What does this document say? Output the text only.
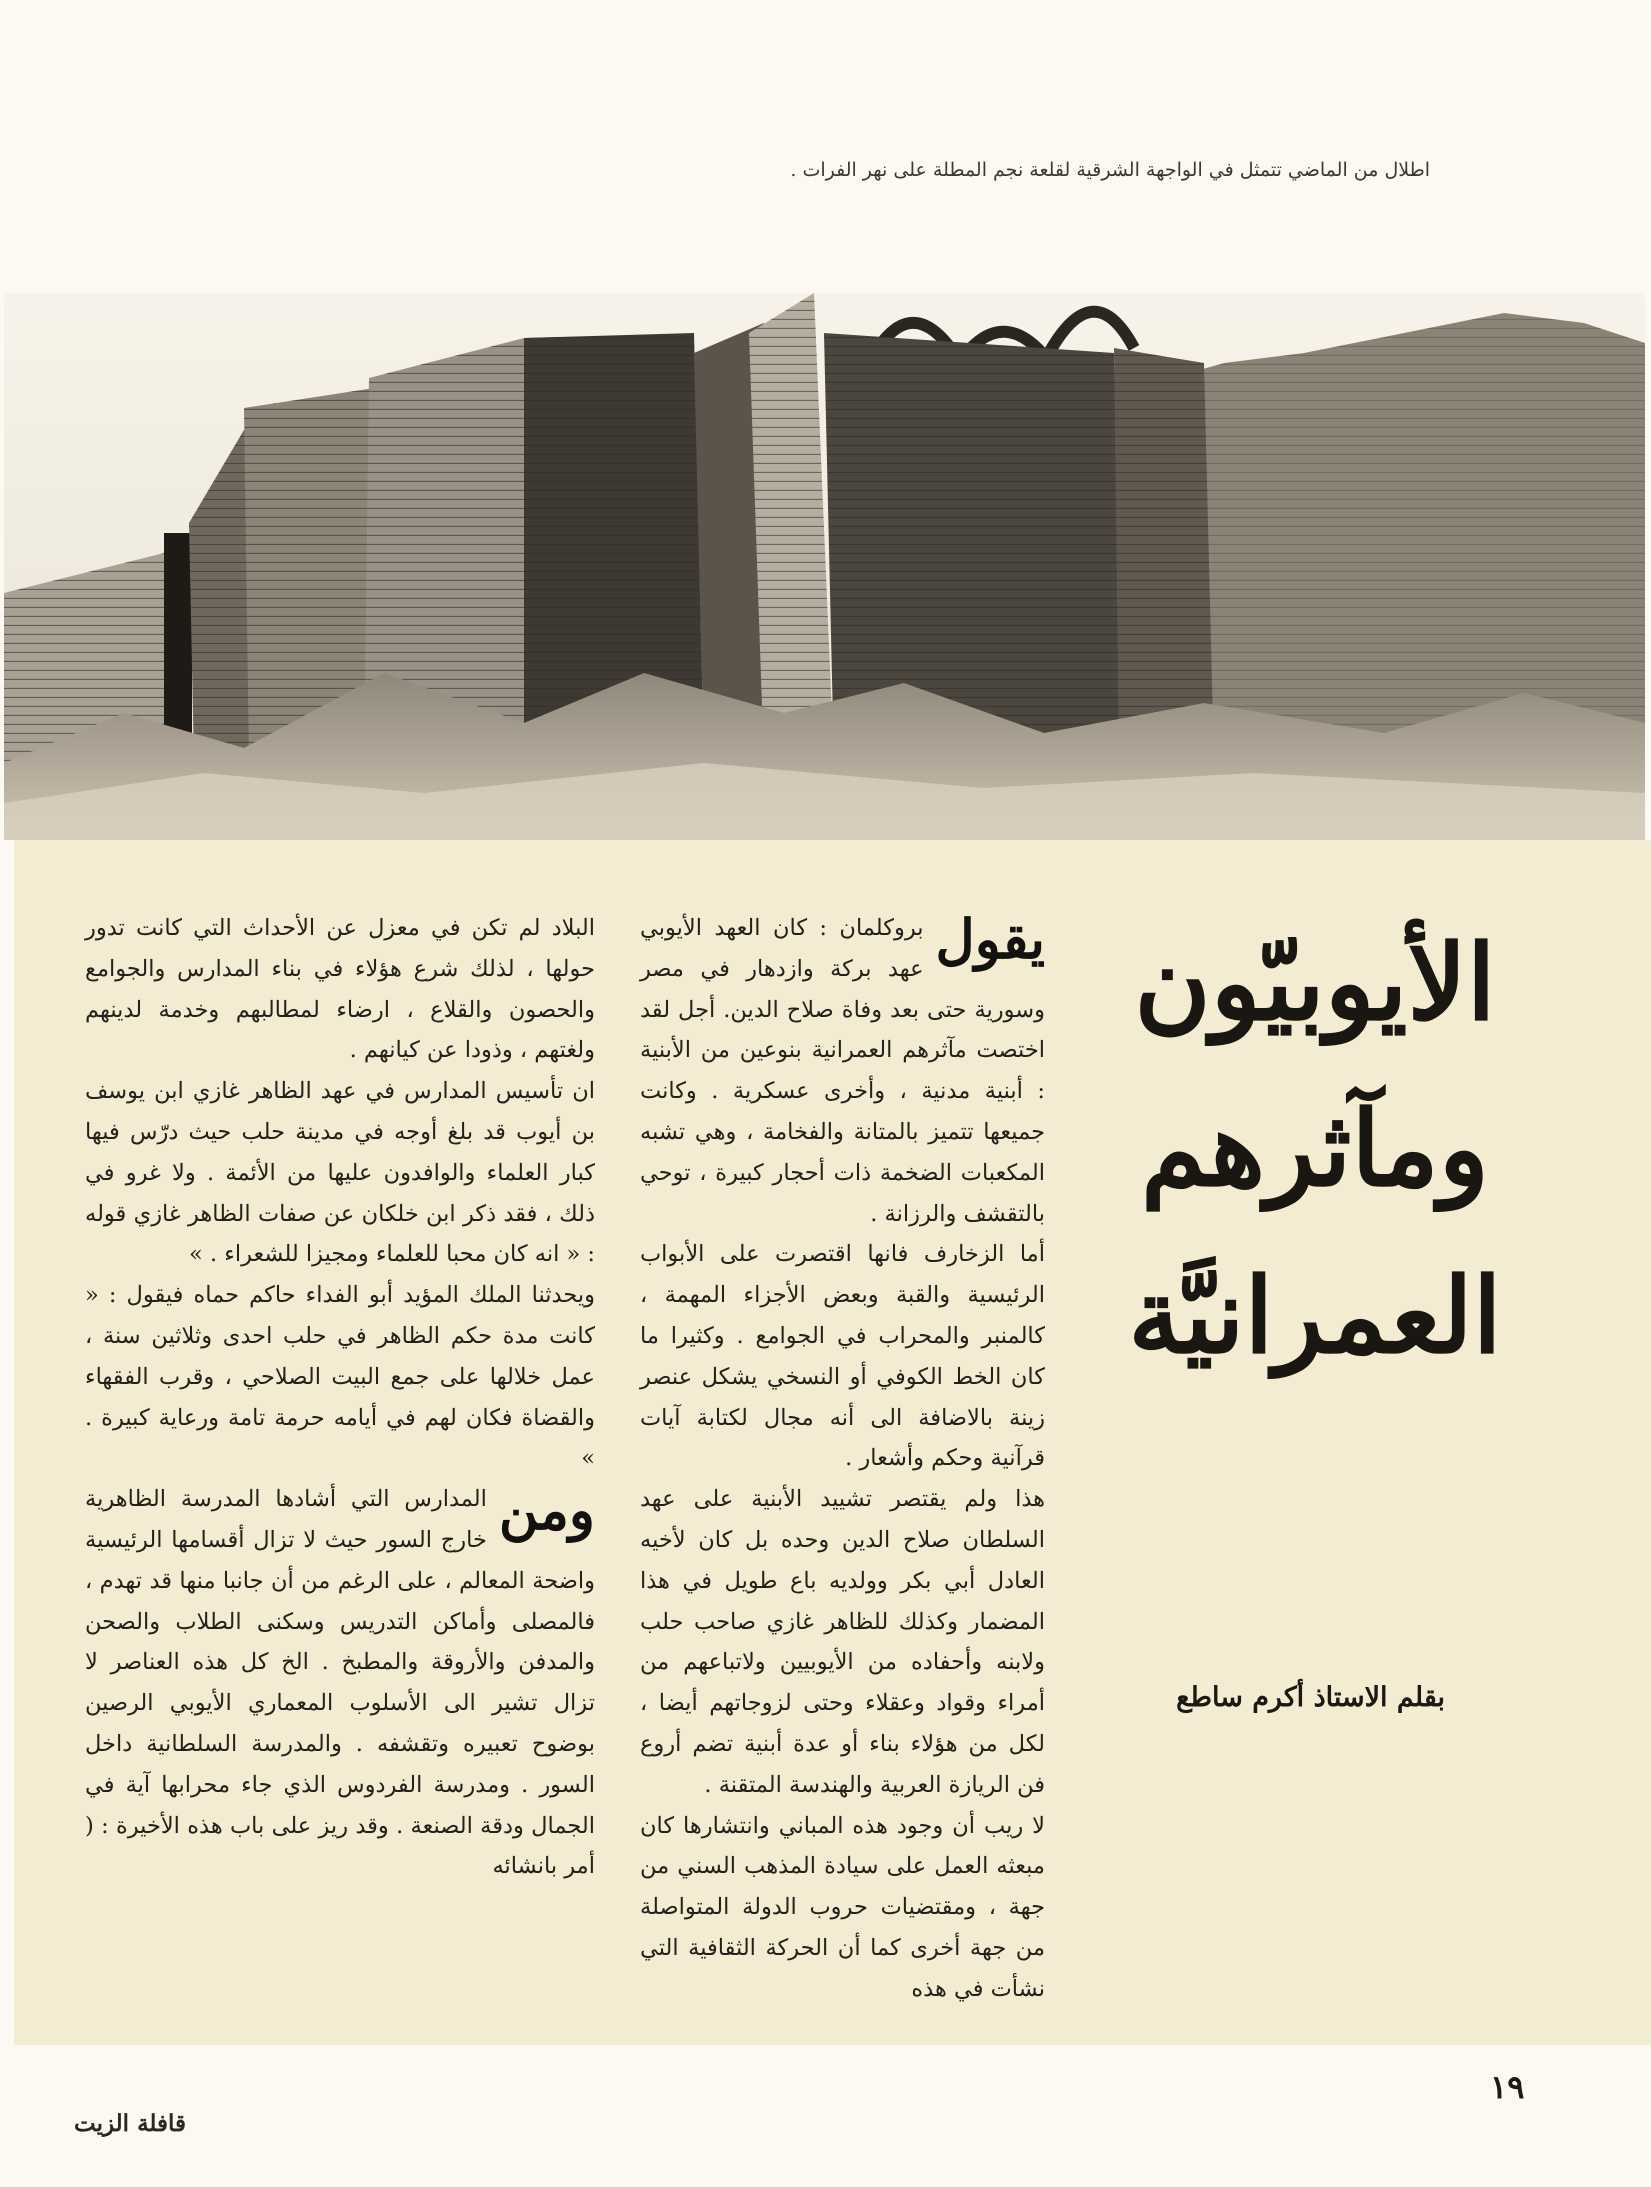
اطلال من الماضي تتمثل في الواجهة الشرقية لقلعة نجم المطلة على نهر الفرات .
الأيوبيّون
ومآثرهم
العمرانيَّة
بقلم الاستاذ أكرم ساطع

يقول
بروكلمان : كان العهد الأيوبي عهد بركة وازدهار في مصر وسورية حتى بعد وفاة صلاح الدين. أجل لقد اختصت مآثرهم العمرانية بنوعين من الأبنية : أبنية مدنية ، وأخرى عسكرية . وكانت جميعها تتميز بالمتانة والفخامة ، وهي تشبه المكعبات الضخمة ذات أحجار كبيرة ، توحي بالتقشف والرزانة .

أما الزخارف فانها اقتصرت على الأبواب الرئيسية والقبة وبعض الأجزاء المهمة ، كالمنبر والمحراب في الجوامع . وكثيرا ما كان الخط الكوفي أو النسخي يشكل عنصر زينة بالاضافة الى أنه مجال لكتابة آيات قرآنية وحكم وأشعار .

هذا ولم يقتصر تشييد الأبنية على عهد السلطان صلاح الدين وحده بل كان لأخيه العادل أبي بكر وولديه باع طويل في هذا المضمار وكذلك للظاهر غازي صاحب حلب ولابنه وأحفاده من الأيوبيين ولاتباعهم من أمراء وقواد وعقلاء وحتى لزوجاتهم أيضا ، لكل من هؤلاء بناء أو عدة أبنية تضم أروع فن الريازة العربية والهندسة المتقنة .

لا ريب أن وجود هذه المباني وانتشارها كان مبعثه العمل على سيادة المذهب السني من جهة ، ومقتضيات حروب الدولة المتواصلة من جهة أخرى كما أن الحركة الثقافية التي نشأت في هذه

البلاد لم تكن في معزل عن الأحداث التي كانت تدور حولها ، لذلك شرع هؤلاء في بناء المدارس والجوامع والحصون والقلاع ، ارضاء لمطالبهم وخدمة لدينهم ولغتهم ، وذودا عن كيانهم .

ان تأسيس المدارس في عهد الظاهر غازي ابن يوسف بن أيوب قد بلغ أوجه في مدينة حلب حيث درّس فيها كبار العلماء والوافدون عليها من الأئمة . ولا غرو في ذلك ، فقد ذكر ابن خلكان عن صفات الظاهر غازي قوله : « انه كان محبا للعلماء ومجيزا للشعراء . »

ويحدثنا الملك المؤيد أبو الفداء حاكم حماه فيقول : « كانت مدة حكم الظاهر في حلب احدى وثلاثين سنة ، عمل خلالها على جمع البيت الصلاحي ، وقرب الفقهاء والقضاة فكان لهم في أيامه حرمة تامة ورعاية كبيرة . »

ومن
المدارس التي أشادها المدرسة الظاهرية خارج السور حيث لا تزال أقسامها الرئيسية واضحة المعالم ، على الرغم من أن جانبا منها قد تهدم ، فالمصلى وأماكن التدريس وسكنى الطلاب والصحن والمدفن والأروقة والمطبخ . الخ كل هذه العناصر لا تزال تشير الى الأسلوب المعماري الأيوبي الرصين بوضوح تعبيره وتقشفه . والمدرسة السلطانية داخل السور . ومدرسة الفردوس الذي جاء محرابها آية في الجمال ودقة الصنعة . وقد ريز على باب هذه الأخيرة : ( أمر بانشائه

١٩
قافلة الزيت
